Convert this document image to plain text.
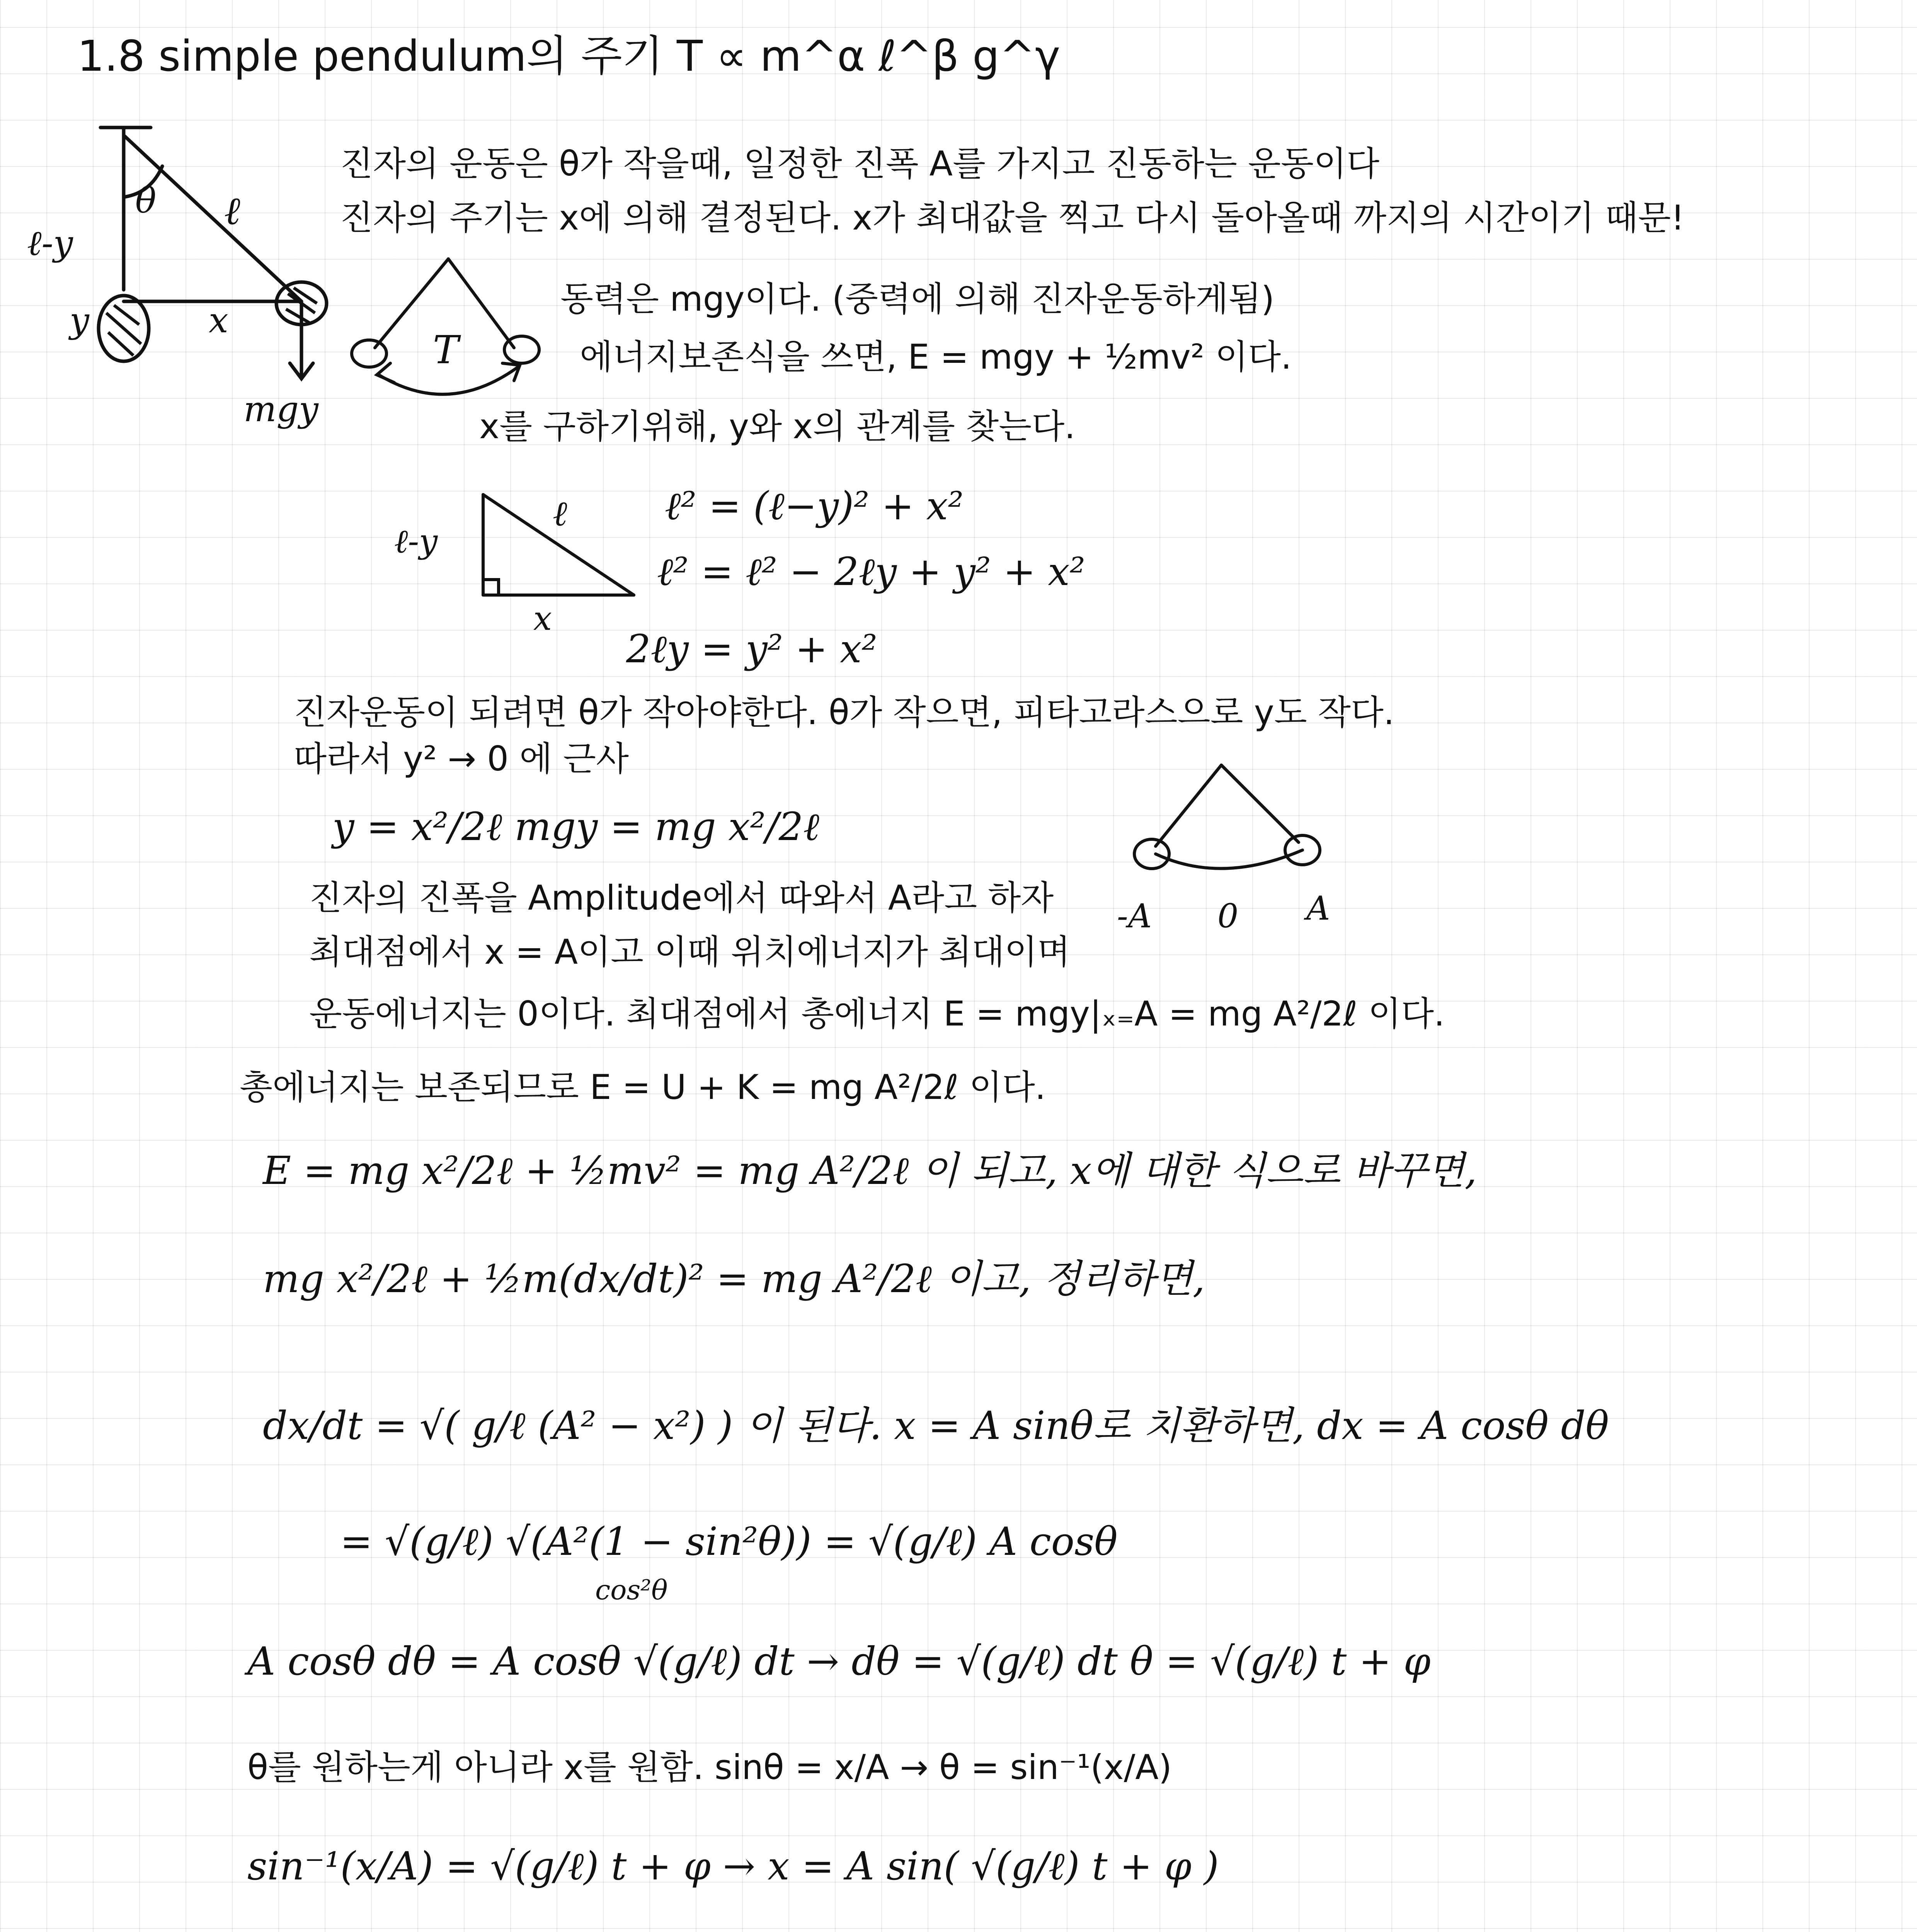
1.8 simple pendulum의 주기 T ∝ m^α ℓ^β g^γ
θ ℓ
ℓ-y
y	x
mgy
T
진자의 운동은 θ가 작을때, 일정한 진폭 A를 가지고 진동하는 운동이다
진자의 주기는 x에 의해 결정된다. x가 최대값을 찍고 다시 돌아올때 까지의 시간이기 때문!
동력은 mgy이다. (중력에 의해 진자운동하게됨)
에너지보존식을 쓰면, E = mgy + ½mv² 이다.
x를 구하기위해, y와 x의 관계를 찾는다.
ℓ-y
ℓ
x
ℓ² = (ℓ−y)² + x²
ℓ² = ℓ² − 2ℓy + y² + x²
2ℓy = y² + x²
진자운동이 되려면 θ가 작아야한다. θ가 작으면, 피타고라스으로 y도 작다.
따라서 y² → 0 에 근사
y = x²/2ℓ mgy = mg x²/2ℓ
-A 0 A
진자의 진폭을 Amplitude에서 따와서 A라고 하자
최대점에서 x = A이고 이때 위치에너지가 최대이며
운동에너지는 0이다. 최대점에서 총에너지 E = mgy|ₓ₌A = mg A²/2ℓ 이다.
총에너지는 보존되므로 E = U + K = mg A²/2ℓ 이다.
E = mg x²/2ℓ + ½mv² = mg A²/2ℓ 이 되고, x에 대한 식으로 바꾸면,
mg x²/2ℓ + ½m(dx/dt)² = mg A²/2ℓ 이고, 정리하면,
dx/dt = √( g/ℓ (A² − x²) ) 이 된다. x = A sinθ로 치환하면, dx = A cosθ dθ
= √(g/ℓ) √(A²(1 − sin²θ)) = √(g/ℓ) A cosθ
cos²θ
A cosθ dθ = A cosθ √(g/ℓ) dt → dθ = √(g/ℓ) dt θ = √(g/ℓ) t + φ
θ를 원하는게 아니라 x를 원함. sinθ = x/A → θ = sin⁻¹(x/A)
sin⁻¹(x/A) = √(g/ℓ) t + φ → x = A sin( √(g/ℓ) t + φ )
